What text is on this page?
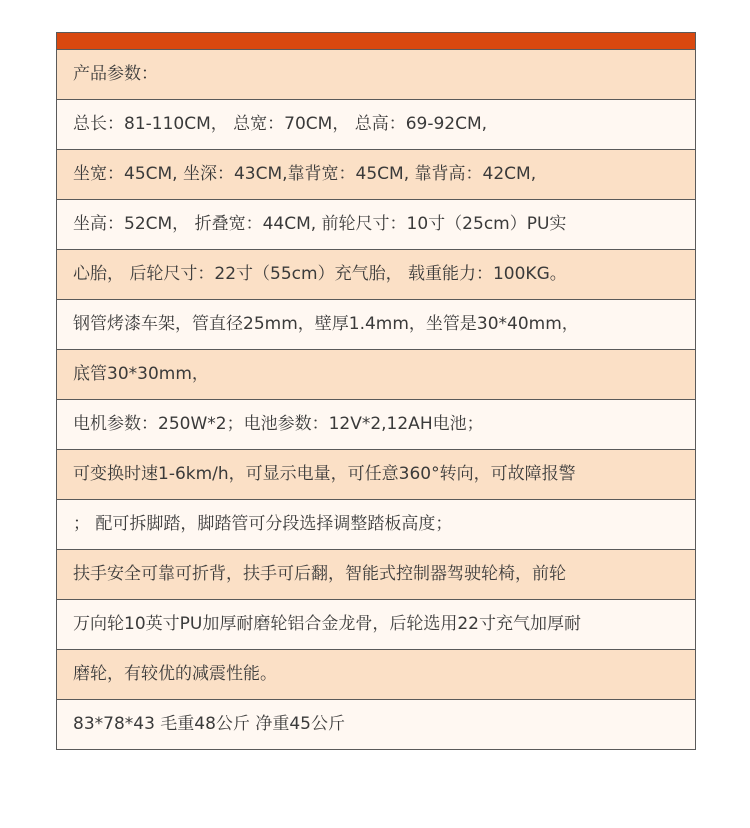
产品参数：
总长：81-110CM， 总宽：70CM， 总高：69-92CM,
坐宽：45CM, 坐深：43CM,靠背宽：45CM, 靠背高：42CM,
坐高：52CM， 折叠宽：44CM, 前轮尺寸：10寸（25cm）PU实
心胎， 后轮尺寸：22寸（55cm）充气胎， 载重能力：100KG。
钢管烤漆车架，管直径25mm，壁厚1.4mm，坐管是30*40mm，
底管30*30mm，
电机参数：250W*2；电池参数：12V*2,12AH电池；
可变换时速1-6km/h，可显示电量，可任意360°转向，可故障报警
； 配可拆脚踏，脚踏管可分段选择调整踏板高度；
扶手安全可靠可折背，扶手可后翻，智能式控制器驾驶轮椅，前轮
万向轮10英寸PU加厚耐磨轮铝合金龙骨，后轮选用22寸充气加厚耐
磨轮，有较优的减震性能。
83*78*43 毛重48公斤 净重45公斤
